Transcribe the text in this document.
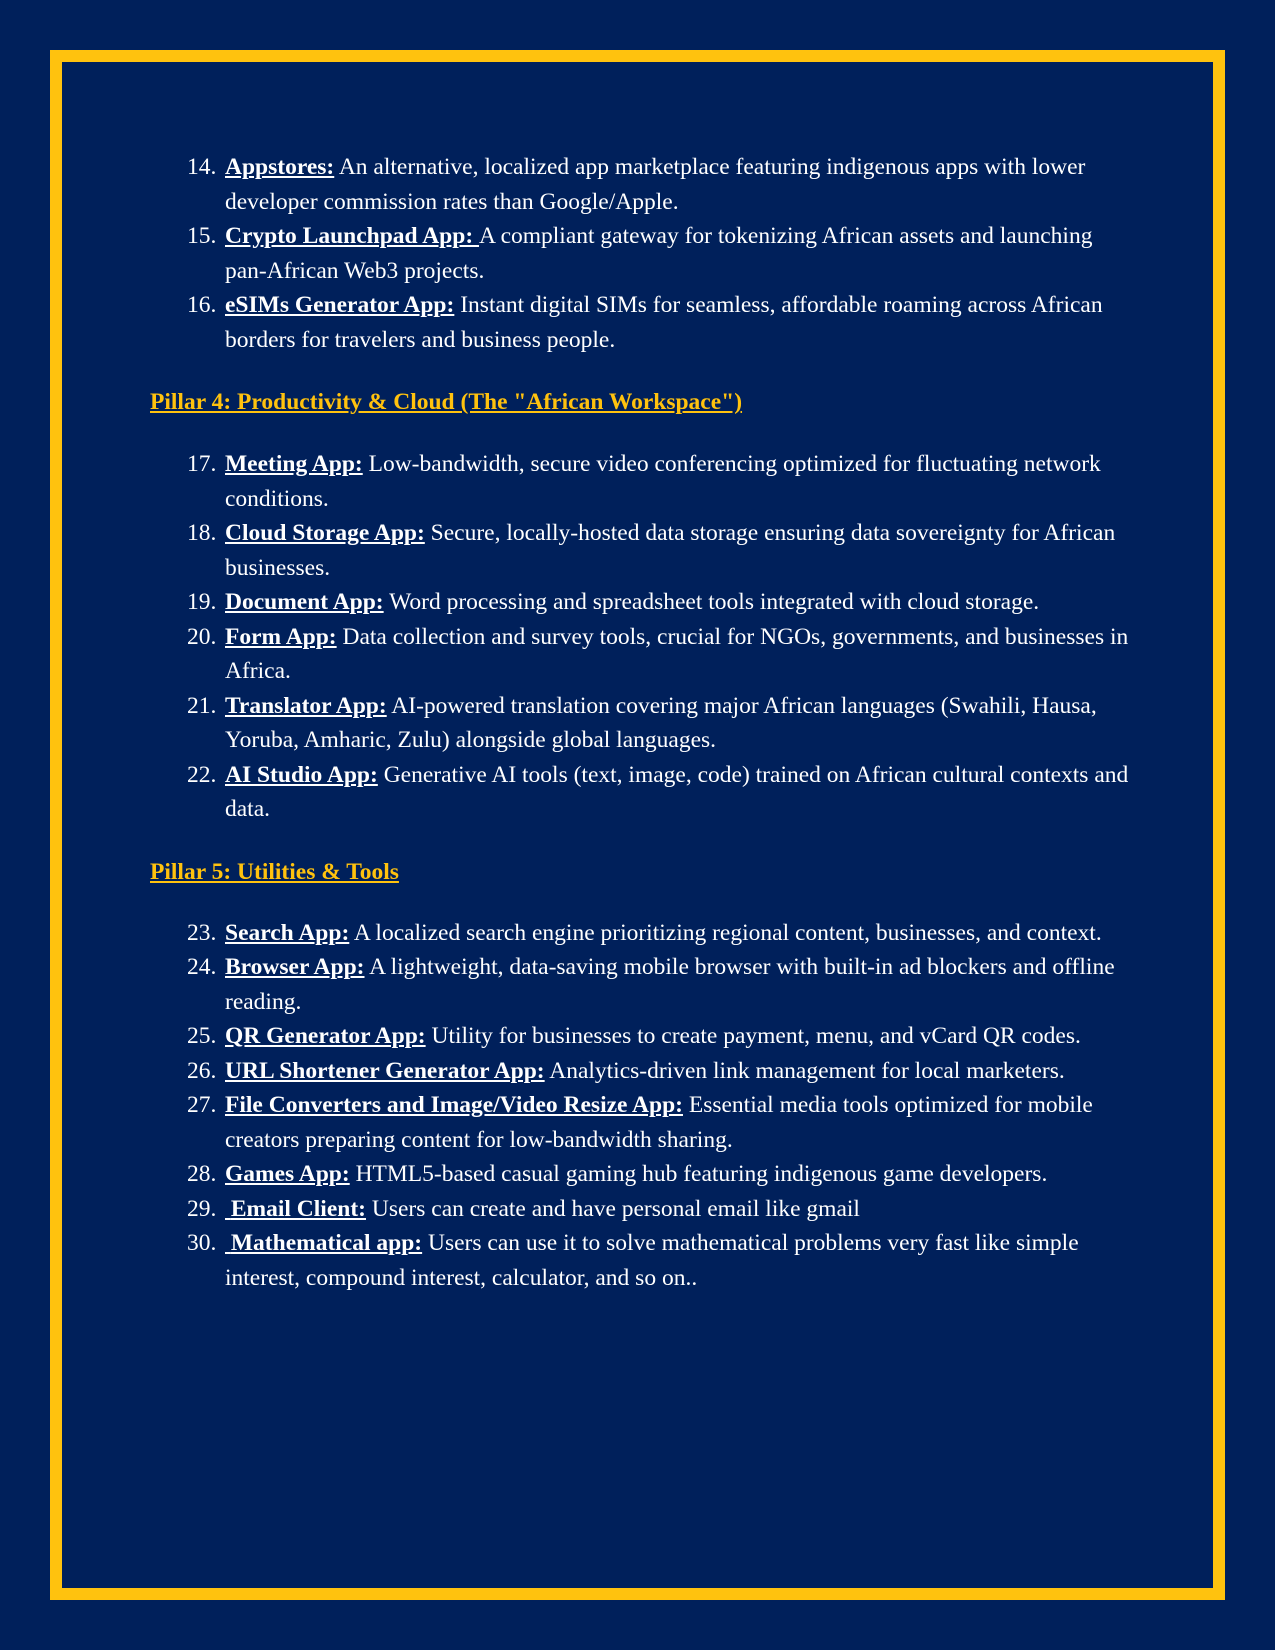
14. Appstores: An alternative, localized app marketplace featuring indigenous apps with lower developer commission rates than Google/Apple.
15. Crypto Launchpad App: A compliant gateway for tokenizing African assets and launching pan-African Web3 projects.
16. eSIMs Generator App: Instant digital SIMs for seamless, affordable roaming across African borders for travelers and business people.
Pillar 4: Productivity & Cloud (The "African Workspace")
17. Meeting App: Low-bandwidth, secure video conferencing optimized for fluctuating network conditions.
18. Cloud Storage App: Secure, locally-hosted data storage ensuring data sovereignty for African businesses.
19. Document App: Word processing and spreadsheet tools integrated with cloud storage.
20. Form App: Data collection and survey tools, crucial for NGOs, governments, and businesses in Africa.
21. Translator App: AI-powered translation covering major African languages (Swahili, Hausa, Yoruba, Amharic, Zulu) alongside global languages.
22. AI Studio App: Generative AI tools (text, image, code) trained on African cultural contexts and data.
Pillar 5: Utilities & Tools
23. Search App: A localized search engine prioritizing regional content, businesses, and context.
24. Browser App: A lightweight, data-saving mobile browser with built-in ad blockers and offline reading.
25. QR Generator App: Utility for businesses to create payment, menu, and vCard QR codes.
26. URL Shortener Generator App: Analytics-driven link management for local marketers.
27. File Converters and Image/Video Resize App: Essential media tools optimized for mobile creators preparing content for low-bandwidth sharing.
28. Games App: HTML5-based casual gaming hub featuring indigenous game developers.
29. Email Client: Users can create and have personal email like gmail
30. Mathematical app: Users can use it to solve mathematical problems very fast like simple interest, compound interest, calculator, and so on..
